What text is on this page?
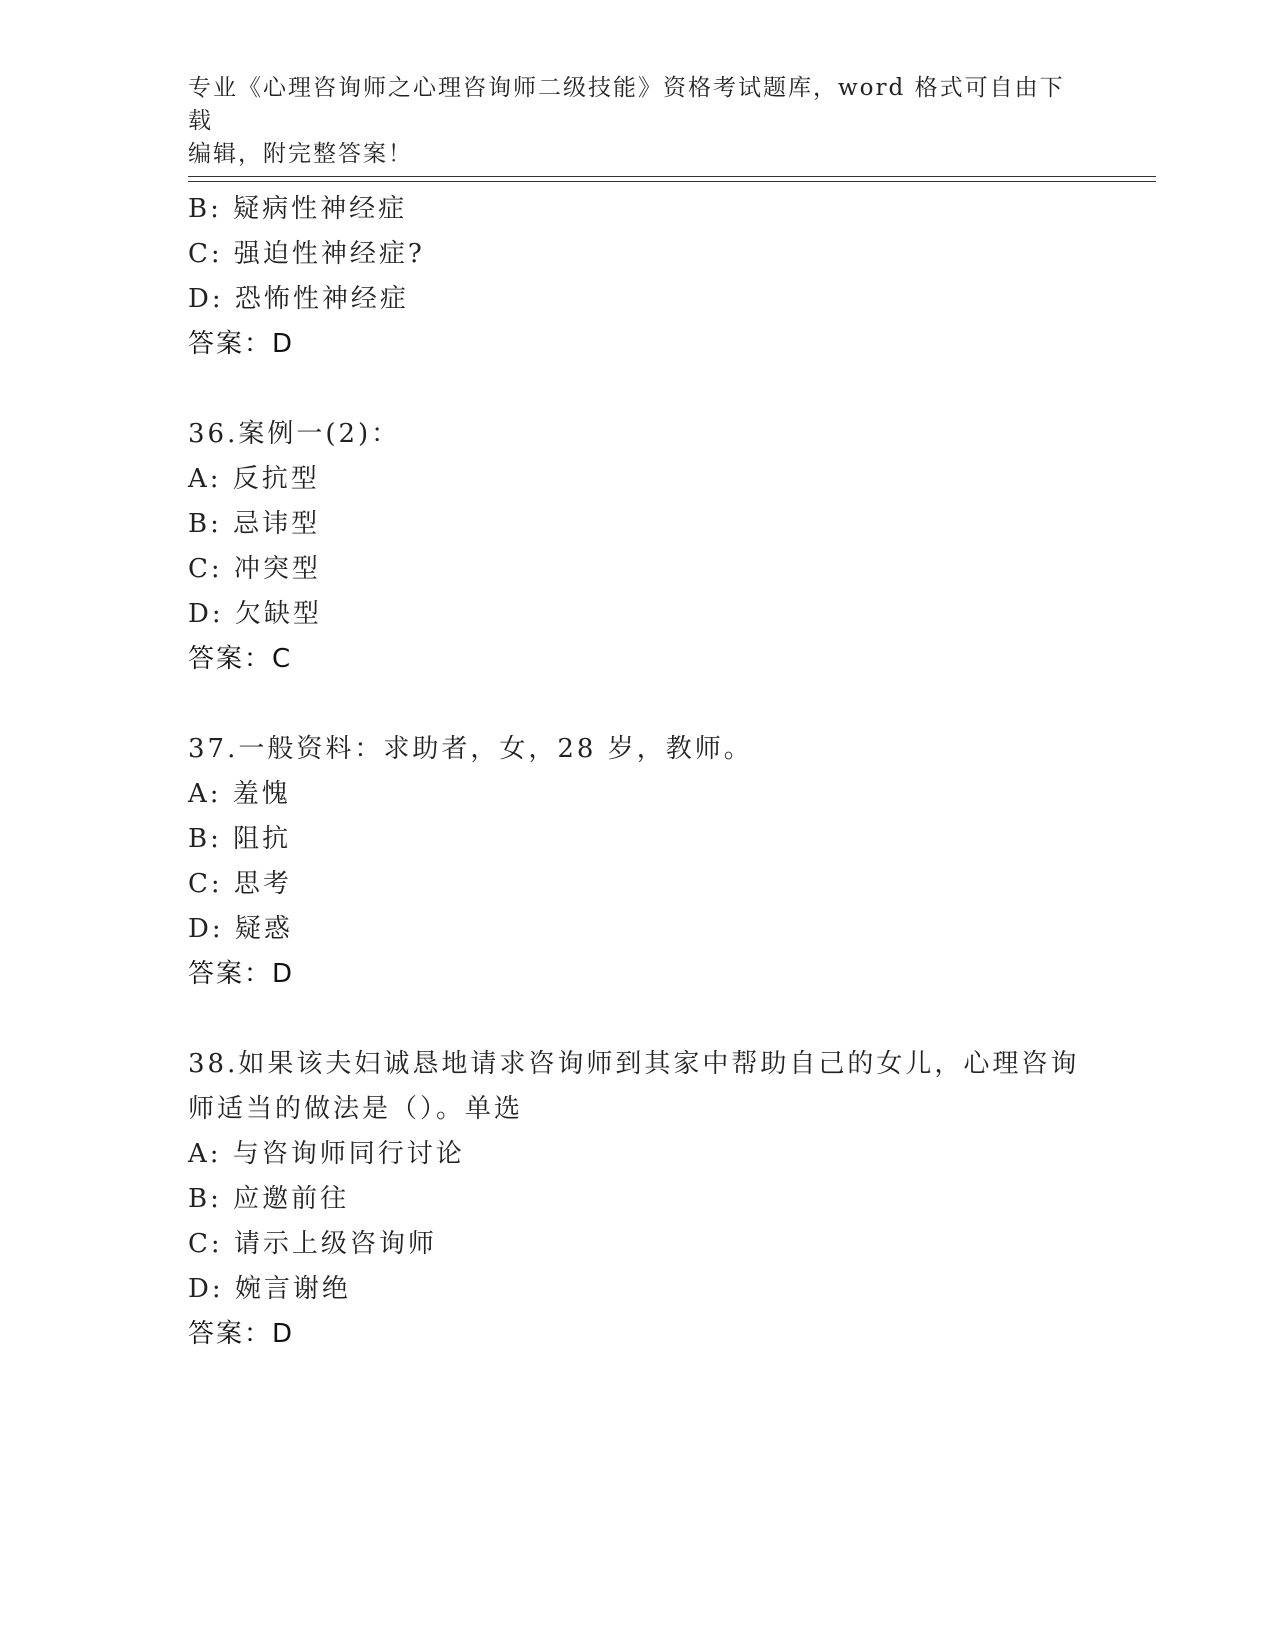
专业《心理咨询师之心理咨询师二级技能》资格考试题库，word 格式可自由下载
编辑，附完整答案！
B: 疑病性神经症
C: 强迫性神经症?
D: 恐怖性神经症
答案：D
36.案例一(2)：
A: 反抗型
B: 忌讳型
C: 冲突型
D: 欠缺型
答案：C
37.一般资料：求助者，女，28 岁，教师。
A: 羞愧
B: 阻抗
C: 思考
D: 疑惑
答案：D
38.如果该夫妇诚恳地请求咨询师到其家中帮助自己的女儿，心理咨询
师适当的做法是（）。单选
A: 与咨询师同行讨论
B: 应邀前往
C: 请示上级咨询师
D: 婉言谢绝
答案：D
